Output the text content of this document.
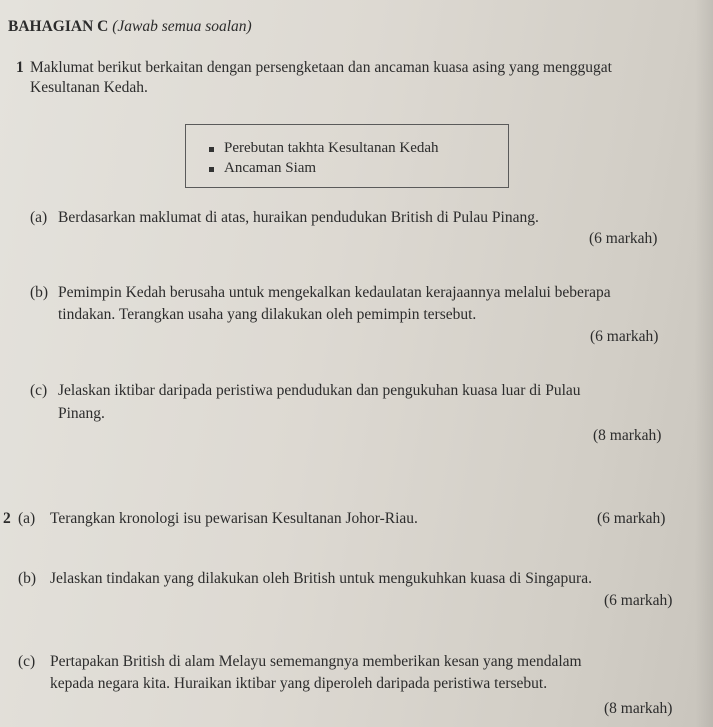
BAHAGIAN C (Jawab semua soalan)
1 Maklumat berikut berkaitan dengan persengketaan dan ancaman kuasa asing yang menggugat
Kesultanan Kedah.
Perebutan takhta Kesultanan Kedah
Ancaman Siam
(a) Berdasarkan maklumat di atas, huraikan pendudukan British di Pulau Pinang.
(6 markah)
(b) Pemimpin Kedah berusaha untuk mengekalkan kedaulatan kerajaannya melalui beberapa
tindakan. Terangkan usaha yang dilakukan oleh pemimpin tersebut.
(6 markah)
(c) Jelaskan iktibar daripada peristiwa pendudukan dan pengukuhan kuasa luar di Pulau
Pinang.
(8 markah)
2 (a) Terangkan kronologi isu pewarisan Kesultanan Johor-Riau.	(6 markah)
(b) Jelaskan tindakan yang dilakukan oleh British untuk mengukuhkan kuasa di Singapura.
(6 markah)
(c) Pertapakan British di alam Melayu sememangnya memberikan kesan yang mendalam
kepada negara kita. Huraikan iktibar yang diperoleh daripada peristiwa tersebut.
(8 markah)
